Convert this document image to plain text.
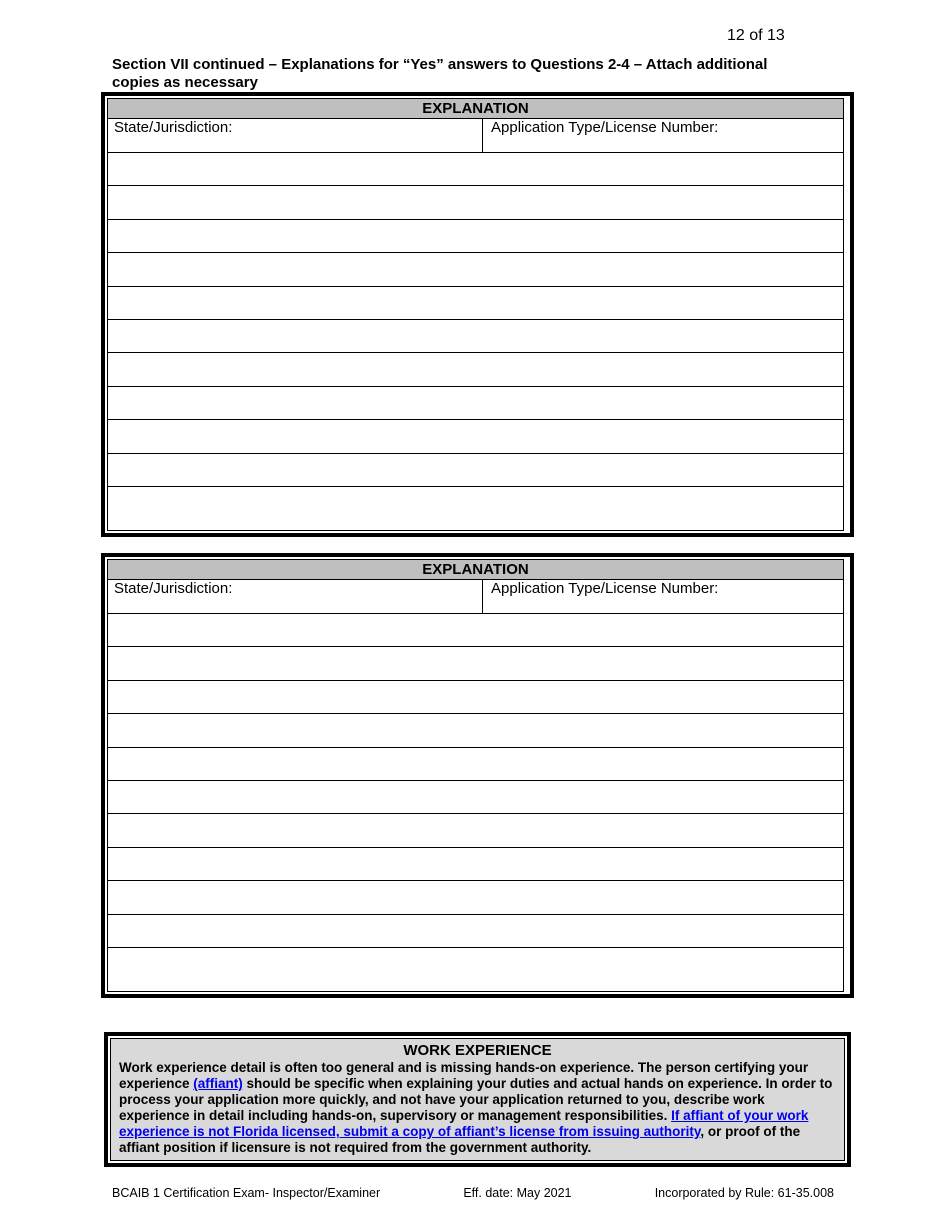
12 of 13
Section VII continued – Explanations for “Yes” answers to Questions 2-4 – Attach additional copies as necessary
EXPLANATION
State/Jurisdiction:	Application Type/License Number:
EXPLANATION
State/Jurisdiction:	Application Type/License Number:
WORK EXPERIENCE
Work experience detail is often too general and is missing hands-on experience. The person certifying your experience (affiant) should be specific when explaining your duties and actual hands on experience. In order to process your application more quickly, and not have your application returned to you, describe work experience in detail including hands-on, supervisory or management responsibilities. If affiant of your work experience is not Florida licensed, submit a copy of affiant’s license from issuing authority, or proof of the affiant position if licensure is not required from the government authority.
BCAIB 1 Certification Exam- Inspector/Examiner	Eff. date: May 2021	Incorporated by Rule: 61-35.008
